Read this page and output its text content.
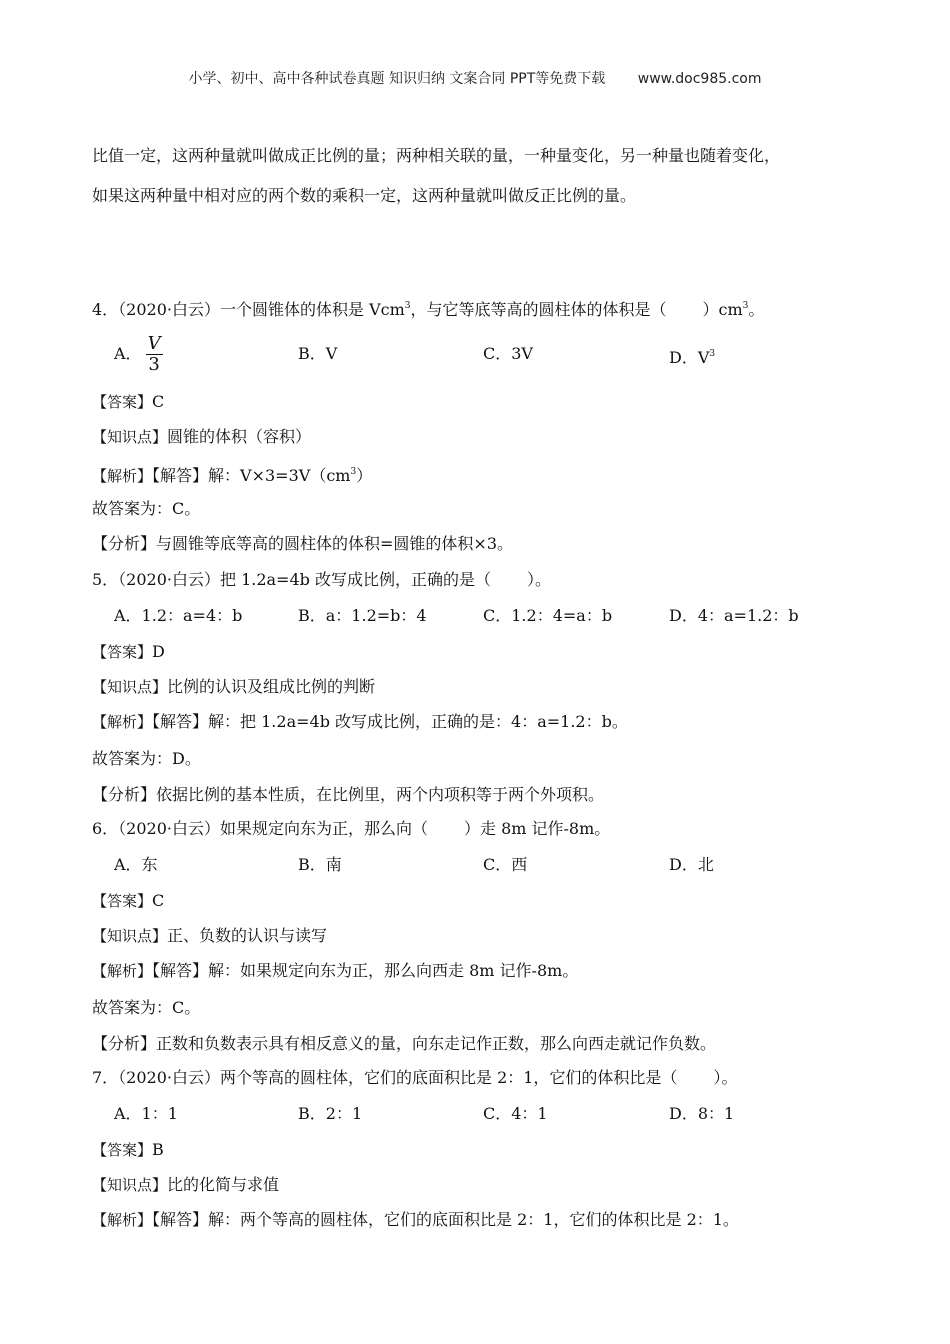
小学、初中、高中各种试卷真题 知识归纳 文案合同 PPT等免费下载 www.doc985.com
比值一定，这两种量就叫做成正比例的量；两种相关联的量，一种量变化，另一种量也随着变化，
如果这两种量中相对应的两个数的乘积一定，这两种量就叫做反正比例的量。
4．（2020·白云）一个圆锥体的体积是 Vcm$^3$，与它等底等高的圆柱体的体积是（ ）$cm^3$。
A． $\frac{V}{3}$	B．V	C．3V	D．$V^3$
【答案】C
【知识点】圆锥的体积（容积）
【解析】【解答】解：$V\times 3=3V(cm^3)$
故答案为：C。
【分析】与圆锥等底等高的圆柱体的体积=圆锥的体积×3。
5．（2020·白云）把 1.2a=4b 改写成比例，正确的是（ ）。
A．1.2：a=4：b	B．a：1.2=b：4	C．1.2：4=a：b	D．4：a=1.2：b
【答案】D
【知识点】比例的认识及组成比例的判断
【解析】【解答】解：把 1.2a=4b 改写成比例，正确的是：4：a=1.2：b。
故答案为：D。
【分析】依据比例的基本性质，在比例里，两个内项积等于两个外项积。
6．（2020·白云）如果规定向东为正，那么向（ ）走 8m 记作-8m。
A．东	B．南	C．西	D．北
【答案】C
【知识点】正、负数的认识与读写
【解析】【解答】解：如果规定向东为正，那么向西走 8m 记作-8m。
故答案为：C。
【分析】正数和负数表示具有相反意义的量，向东走记作正数，那么向西走就记作负数。
7．（2020·白云）两个等高的圆柱体，它们的底面积比是 2：1，它们的体积比是（ ）。
A．1：1	B．2：1	C．4：1	D．8：1
【答案】B
【知识点】比的化简与求值
【解析】【解答】解：两个等高的圆柱体，它们的底面积比是 2：1，它们的体积比是 2：1。
